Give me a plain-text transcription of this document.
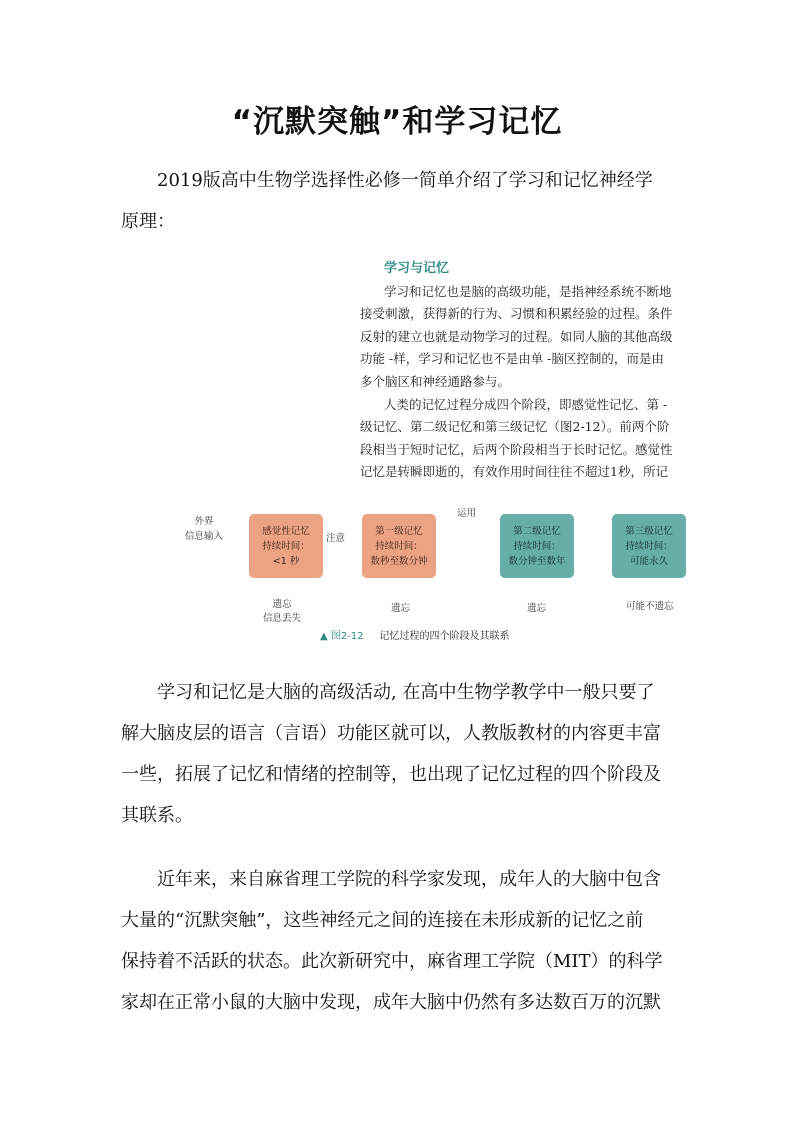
“沉默突触”和学习记忆

2019版高中生物学选择性必修一简单介绍了学习和记忆神经学
原理：

学习与记忆
学习和记忆也是脑的高级功能，是指神经系统不断地
接受刺激，获得新的行为、习惯和积累经验的过程。条件
反射的建立也就是动物学习的过程。如同人脑的其他高级
功能 -样，学习和记忆也不是由单 -脑区控制的，而是由
多个脑区和神经通路参与。
人类的记忆过程分成四个阶段，即感觉性记忆、第 -
级记忆、第二级记忆和第三级记忆（图2-12）。前两个阶
段相当于短时记忆，后两个阶段相当于长时记忆。感觉性
记忆是转瞬即逝的，有效作用时间往往不超过1秒，所记
外界
信息输入	感觉性记忆
持续时间：
<1 秒
注意
第一级记忆
持续时间：
数秒至数分钟
运用
第二级记忆
持续时间：
数分钟至数年
第三级记忆
持续时间：
可能永久
遗忘
信息丢失
遗忘	遗忘	可能不遗忘
▲ 图2-12 记忆过程的四个阶段及其联系

学习和记忆是大脑的高级活动, 在高中生物学教学中一般只要了
解大脑皮层的语言（言语）功能区就可以，人教版教材的内容更丰富
一些，拓展了记忆和情绪的控制等，也出现了记忆过程的四个阶段及
其联系。

近年来，来自麻省理工学院的科学家发现，成年人的大脑中包含
大量的“沉默突触”，这些神经元之间的连接在未形成新的记忆之前
保持着不活跃的状态。此次新研究中，麻省理工学院（MIT）的科学
家却在正常小鼠的大脑中发现，成年大脑中仍然有多达数百万的沉默
